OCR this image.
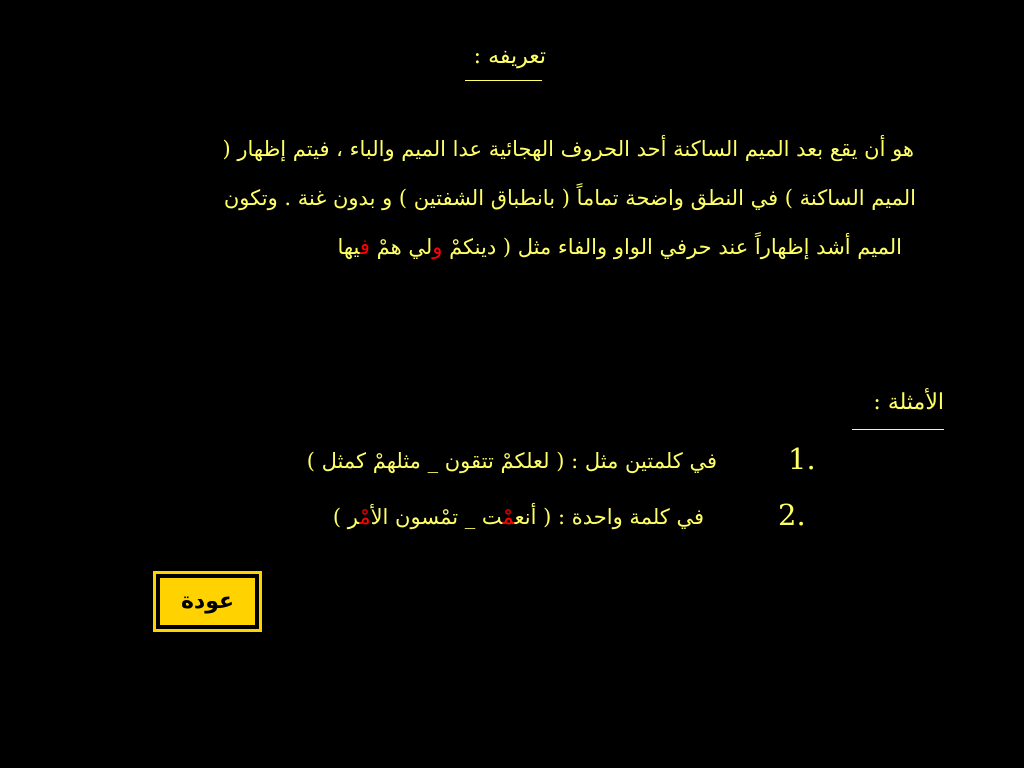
تعريفه :
هو أن يقع بعد الميم الساكنة أحد الحروف الهجائية عدا الميم والباء ، فيتم إظهار (
الميم الساكنة ) في النطق واضحة تماماً ( بانطباق الشفتين ) و بدون غنة . وتكون
الميم أشد إظهاراً عند حرفي الواو والفاء مثل ( دينكم ولي هم فيها
الأمثلة :
1.
في كلمتين مثل : ( لعلكم تتقون _ مثلهم كمثل )
2.
في كلمة واحدة : ( أنعمْت _ تمسون الأمْر )
عودة
